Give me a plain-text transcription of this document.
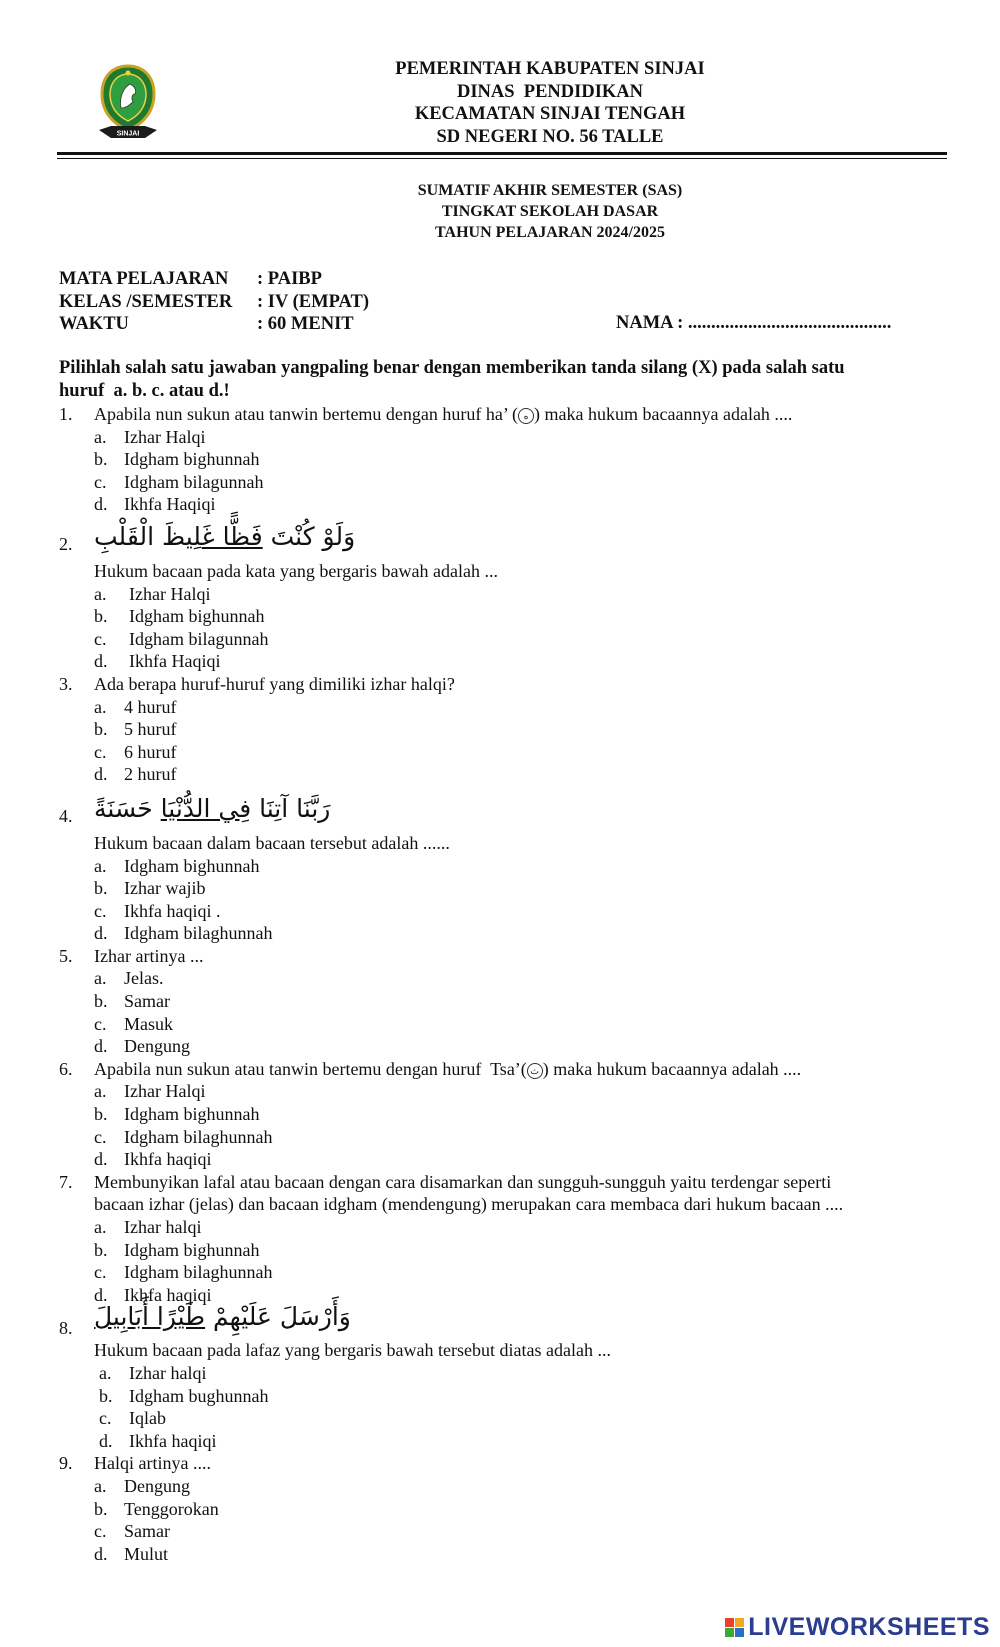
SINJAI
PEMERINTAH KABUPATEN SINJAI
DINAS  PENDIDIKAN
KECAMATAN SINJAI TENGAH
SD NEGERI NO. 56 TALLE
SUMATIF AKHIR SEMESTER (SAS)
TINGKAT SEKOLAH DASAR
TAHUN PELAJARAN 2024/2025
MATA PELAJARAN : PAIBP
KELAS /SEMESTER : IV (EMPAT)
WAKTU	: 60 MENIT	NAMA : ............................................
Pilihlah salah satu jawaban yangpaling benar dengan memberikan tanda silang (X) pada salah satu
huruf  a. b. c. atau d.!
1.	Apabila nun sukun atau tanwin bertemu dengan huruf ha’ ( ه ) maka hukum bacaannya adalah ....
a. Izhar Halqi
b. Idgham bighunnah
c. Idgham bilagunnah
d. Ikhfa Haqiqi
2.	وَلَوْ كُنْتَ فَظًّا غَلِيظَ الْقَلْبِ
Hukum bacaan pada kata yang bergaris bawah adalah ...
a. Izhar Halqi
b. Idgham bighunnah
c. Idgham bilagunnah
d. Ikhfa Haqiqi
3.	Ada berapa huruf-huruf yang dimiliki izhar halqi?
a. 4 huruf
b. 5 huruf
c. 6 huruf
d. 2 huruf
4.	رَبَّنَا آتِنَا فِي الدُّنْيَا حَسَنَةً
Hukum bacaan dalam bacaan tersebut adalah ......
a. Idgham bighunnah
b. Izhar wajib
c. Ikhfa haqiqi .
d. Idgham bilaghunnah
5.	Izhar artinya ...
a. Jelas.
b. Samar
c. Masuk
d. Dengung
6.	Apabila nun sukun atau tanwin bertemu dengan huruf  Tsa’( ث ) maka hukum bacaannya adalah ....
a. Izhar Halqi
b. Idgham bighunnah
c. Idgham bilaghunnah
d. Ikhfa haqiqi
7.	Membunyikan lafal atau bacaan dengan cara disamarkan dan sungguh-sungguh yaitu terdengar seperti
bacaan izhar (jelas) dan bacaan idgham (mendengung) merupakan cara membaca dari hukum bacaan ....
a. Izhar halqi
b. Idgham bighunnah
c. Idgham bilaghunnah
d. Ikhfa haqiqi
8.	وَأَرْسَلَ عَلَيْهِمْ طَيْرًا أَبَابِيلَ
Hukum bacaan pada lafaz yang bergaris bawah tersebut diatas adalah ...
a. Izhar halqi
b. Idgham bughunnah
c. Iqlab
d. Ikhfa haqiqi
9.	Halqi artinya ....
a. Dengung
b. Tenggorokan
c. Samar
d. Mulut
LIVEWORKSHEETS
